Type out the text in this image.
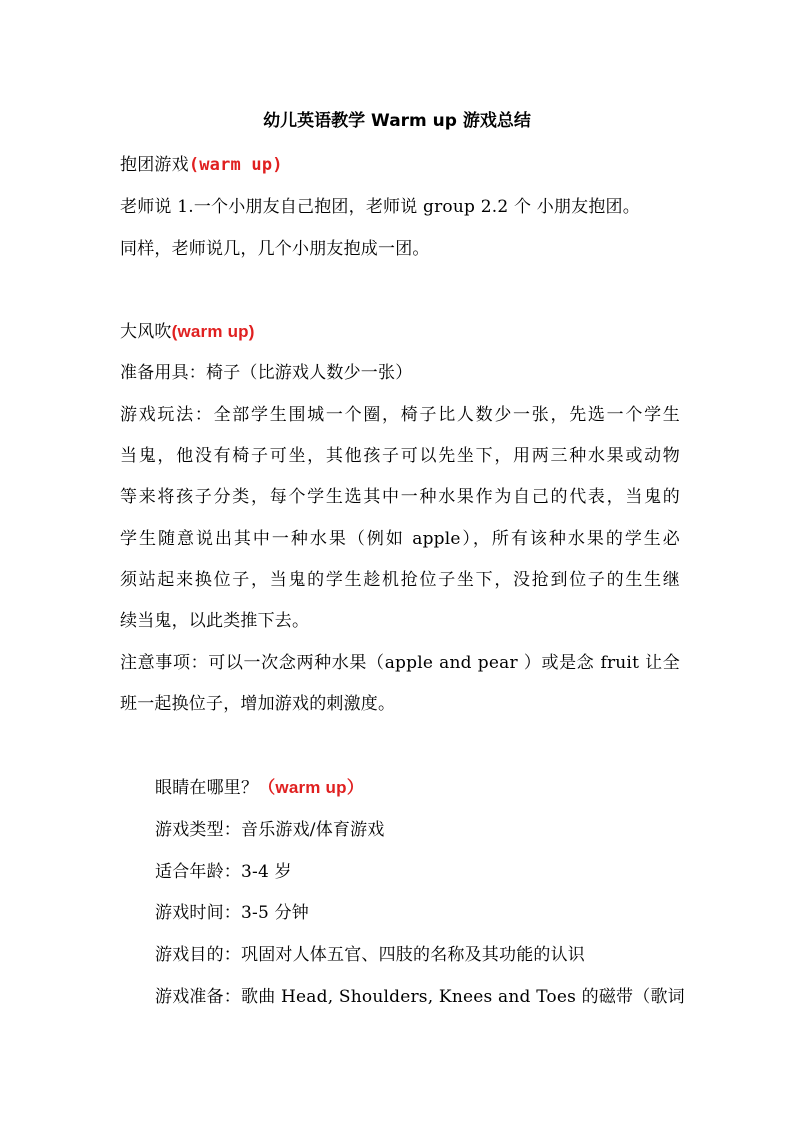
幼儿英语教学 Warm up 游戏总结
抱团游戏(warm up)
老师说 1.一个小朋友自己抱团，老师说 group 2.2 个 小朋友抱团。
同样，老师说几，几个小朋友抱成一团。
大风吹(warm up)
准备用具：椅子（比游戏人数少一张）
游戏玩法：全部学生围城一个圈，椅子比人数少一张，先选一个学生
当鬼，他没有椅子可坐，其他孩子可以先坐下，用两三种水果或动物
等来将孩子分类，每个学生选其中一种水果作为自己的代表，当鬼的
学生随意说出其中一种水果（例如 apple），所有该种水果的学生必
须站起来换位子，当鬼的学生趁机抢位子坐下，没抢到位子的生生继
续当鬼，以此类推下去。
注意事项：可以一次念两种水果（apple and pear ）或是念 fruit 让全
班一起换位子，增加游戏的刺激度。
眼睛在哪里？（warm up）
游戏类型：音乐游戏/体育游戏
适合年龄：3-4 岁
游戏时间：3-5 分钟
游戏目的：巩固对人体五官、四肢的名称及其功能的认识
游戏准备：歌曲 Head, Shoulders, Knees and Toes 的磁带（歌词
